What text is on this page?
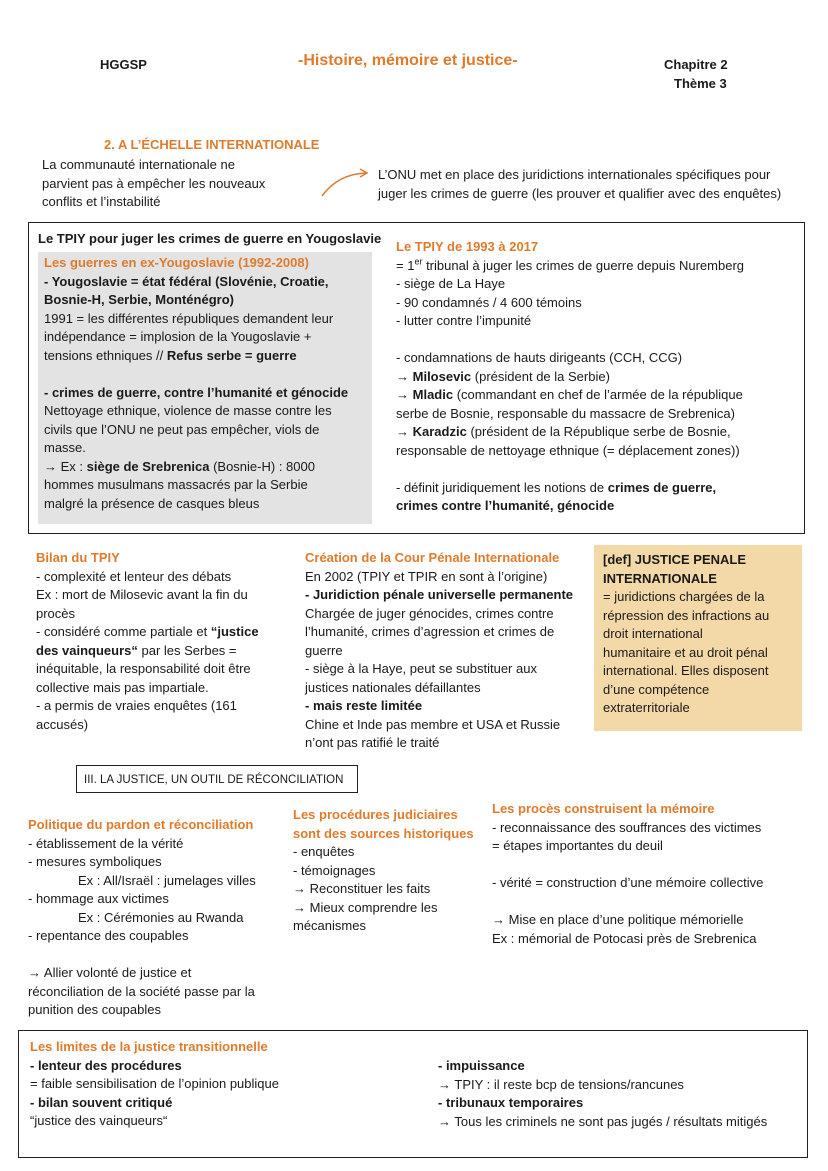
HGGSP	-Histoire, mémoire et justice-	Chapitre 2
Thème 3
2. A L’ÉCHELLE INTERNATIONALE
La communauté internationale ne
parvient pas à empêcher les nouveaux
conflits et l’instabilité
L’ONU met en place des juridictions internationales spécifiques pour
juger les crimes de guerre (les prouver et qualifier avec des enquêtes)
Le TPIY pour juger les crimes de guerre en Yougoslavie
Les guerres en ex-Yougoslavie (1992-2008)
- Yougoslavie = état fédéral (Slovénie, Croatie,
Bosnie-H, Serbie, Monténégro)
1991 = les différentes républiques demandent leur
indépendance = implosion de la Yougoslavie +
tensions ethniques // Refus serbe = guerre
- crimes de guerre, contre l’humanité et génocide
Nettoyage ethnique, violence de masse contre les
civils que l’ONU ne peut pas empêcher, viols de
masse.
→ Ex : siège de Srebrenica (Bosnie-H) : 8000
hommes musulmans massacrés par la Serbie
malgré la présence de casques bleus
Le TPIY de 1993 à 2017
= 1er tribunal à juger les crimes de guerre depuis Nuremberg
- siège de La Haye
- 90 condamnés / 4 600 témoins
- lutter contre l’impunité
- condamnations de hauts dirigeants (CCH, CCG)
→ Milosevic (président de la Serbie)
→ Mladic (commandant en chef de l’armée de la république
serbe de Bosnie, responsable du massacre de Srebrenica)
→ Karadzic (président de la République serbe de Bosnie,
responsable de nettoyage ethnique (= déplacement zones))
- définit juridiquement les notions de crimes de guerre,
crimes contre l’humanité, génocide
Bilan du TPIY
- complexité et lenteur des débats
Ex : mort de Milosevic avant la fin du
procès
- considéré comme partiale et “justice
des vainqueurs“ par les Serbes =
inéquitable, la responsabilité doit être
collective mais pas impartiale.
- a permis de vraies enquêtes (161
accusés)
Création de la Cour Pénale Internationale
En 2002 (TPIY et TPIR en sont à l’origine)
- Juridiction pénale universelle permanente
Chargée de juger génocides, crimes contre
l’humanité, crimes d’agression et crimes de
guerre
- siège à la Haye, peut se substituer aux
justices nationales défaillantes
- mais reste limitée
Chine et Inde pas membre et USA et Russie
n’ont pas ratifié le traité
[def] JUSTICE PENALE
INTERNATIONALE
= juridictions chargées de la
répression des infractions au
droit international
humanitaire et au droit pénal
international. Elles disposent
d’une compétence
extraterritoriale
III. LA JUSTICE, UN OUTIL DE RÉCONCILIATION
Politique du pardon et réconciliation
- établissement de la vérité
- mesures symboliques
Ex : All/Israël : jumelages villes
- hommage aux victimes
Ex : Cérémonies au Rwanda
- repentance des coupables
→ Allier volonté de justice et
réconciliation de la société passe par la
punition des coupables
Les procédures judiciaires
sont des sources historiques
- enquêtes
- témoignages
→ Reconstituer les faits
→ Mieux comprendre les
mécanismes
Les procès construisent la mémoire
- reconnaissance des souffrances des victimes
= étapes importantes du deuil
- vérité = construction d’une mémoire collective
→ Mise en place d’une politique mémorielle
Ex : mémorial de Potocasi près de Srebrenica
Les limites de la justice transitionnelle
- lenteur des procédures
= faible sensibilisation de l’opinion publique
- bilan souvent critiqué
“justice des vainqueurs“
- impuissance
→ TPIY : il reste bcp de tensions/rancunes
- tribunaux temporaires
→ Tous les criminels ne sont pas jugés / résultats mitigés
